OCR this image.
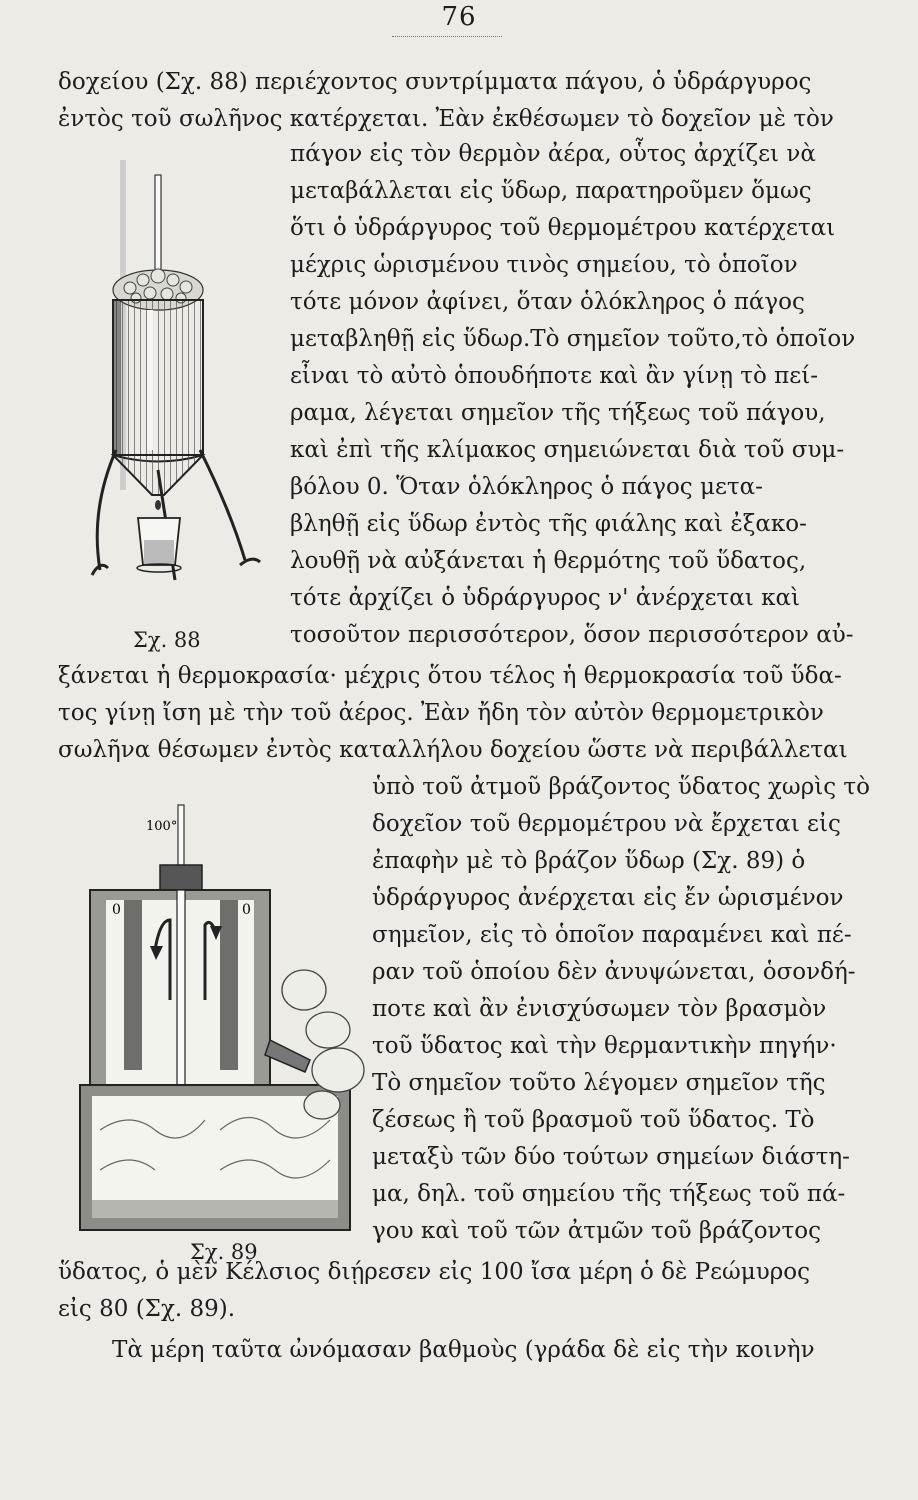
76
Σχ. 88
100°
0	0
Σχ. 89
δοχείου (Σχ. 88) περιέχοντος συντρίμματα πάγου, ὁ ὑδράργυρος
ἐντὸς τοῦ σωλῆνος κατέρχεται. Ἐὰν ἐκθέσωμεν τὸ δοχεῖον μὲ τὸν
πάγον εἰς τὸν θερμὸν ἀέρα, οὗτος ἀρχίζει νὰ
μεταβάλλεται εἰς ὕδωρ, παρατηροῦμεν ὅμως
ὅτι ὁ ὑδράργυρος τοῦ θερμομέτρου κατέρχεται
μέχρις ὡρισμένου τινὸς σημείου, τὸ ὁποῖον
τότε μόνον ἀφίνει, ὅταν ὁλόκληρος ὁ πάγος
μεταβληθῇ εἰς ὕδωρ.Τὸ σημεῖον τοῦτο,τὸ ὁποῖον
εἶναι τὸ αὐτὸ ὁπουδήποτε καὶ ἂν γίνῃ τὸ πεί-
ραμα, λέγεται σημεῖον τῆς τήξεως τοῦ πάγου,
καὶ ἐπὶ τῆς κλίμακος σημειώνεται διὰ τοῦ συμ-
βόλου 0. Ὅταν ὁλόκληρος ὁ πάγος μετα-
βληθῇ εἰς ὕδωρ ἐντὸς τῆς φιάλης καὶ ἐξακο-
λουθῇ νὰ αὐξάνεται ἡ θερμότης τοῦ ὕδατος,
τότε ἀρχίζει ὁ ὑδράργυρος ν' ἀνέρχεται καὶ
τοσοῦτον περισσότερον, ὅσον περισσότερον αὐ-
ξάνεται ἡ θερμοκρασία· μέχρις ὅτου τέλος ἡ θερμοκρασία τοῦ ὕδα-
τος γίνῃ ἴση μὲ τὴν τοῦ ἀέρος. Ἐὰν ἤδη τὸν αὐτὸν θερμομετρικὸν
σωλῆνα θέσωμεν ἐντὸς καταλλήλου δοχείου ὥστε νὰ περιβάλλεται
ὑπὸ τοῦ ἀτμοῦ βράζοντος ὕδατος χωρὶς τὸ
δοχεῖον τοῦ θερμομέτρου νὰ ἔρχεται εἰς
ἐπαφὴν μὲ τὸ βράζον ὕδωρ (Σχ. 89) ὁ
ὑδράργυρος ἀνέρχεται εἰς ἔν ὡρισμένον
σημεῖον, εἰς τὸ ὁποῖον παραμένει καὶ πέ-
ραν τοῦ ὁποίου δὲν ἀνυψώνεται, ὁσονδή-
ποτε καὶ ἂν ἐνισχύσωμεν τὸν βρασμὸν
τοῦ ὕδατος καὶ τὴν θερμαντικὴν πηγήν·
Τὸ σημεῖον τοῦτο λέγομεν σημεῖον τῆς
ζέσεως ἢ τοῦ βρασμοῦ τοῦ ὕδατος. Τὸ
μεταξὺ τῶν δύο τούτων σημείων διάστη-
μα, δηλ. τοῦ σημείου τῆς τήξεως τοῦ πά-
γου καὶ τοῦ τῶν ἀτμῶν τοῦ βράζοντος
ὕδατος, ὁ μὲν Κέλσιος διῄρεσεν εἰς 100 ἴσα μέρη ὁ δὲ Ρεώμυρος
εἰς 80 (Σχ. 89).
Τὰ μέρη ταῦτα ὠνόμασαν βαθμοὺς (γράδα δὲ εἰς τὴν κοινὴν
